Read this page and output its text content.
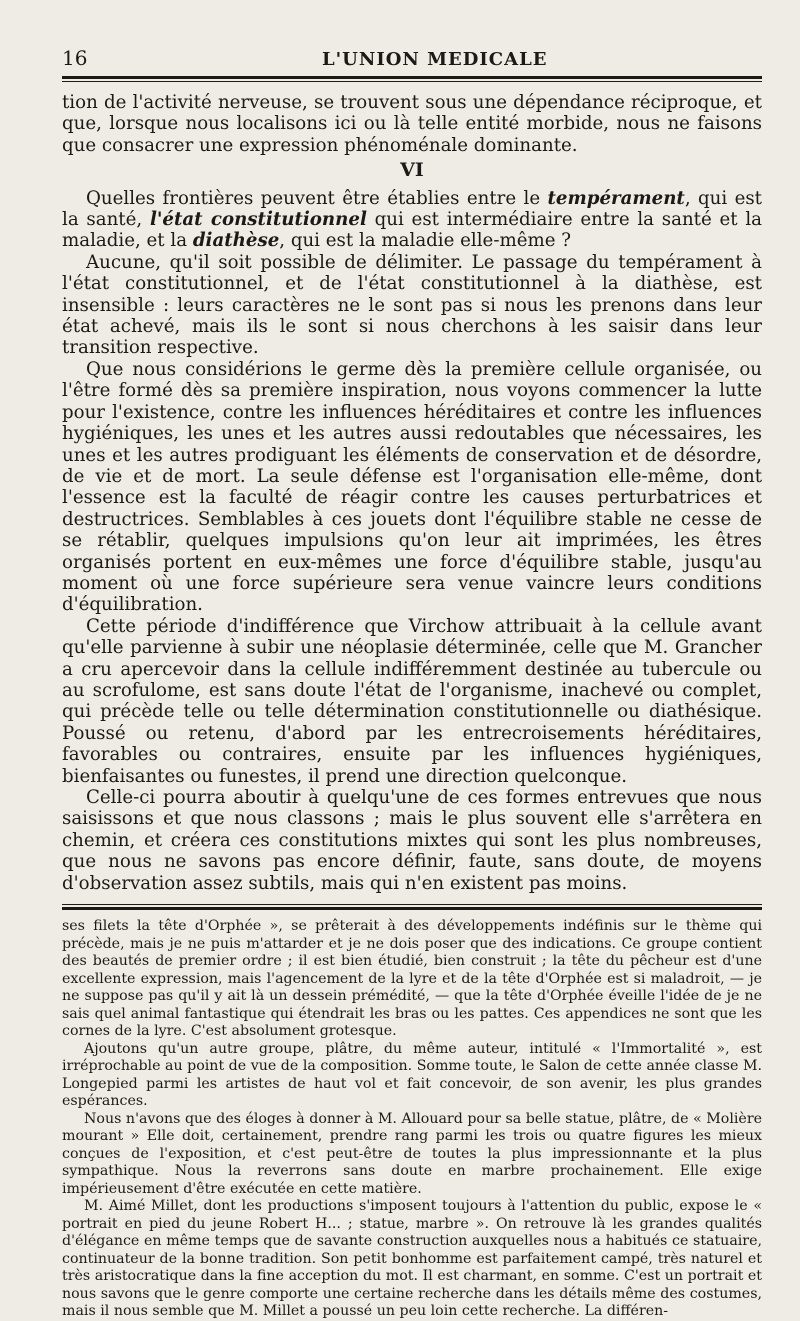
16	L'UNION MEDICALE

tion de l'activité nerveuse, se trouvent sous une dépendance réciproque, et que, lorsque nous localisons ici ou là telle entité morbide, nous ne faisons que consacrer une expression phénoménale dominante.

VI

Quelles frontières peuvent être établies entre le tempérament, qui est la santé, l'état constitutionnel qui est intermédiaire entre la santé et la maladie, et la diathèse, qui est la maladie elle-même ?

Aucune, qu'il soit possible de délimiter. Le passage du tempérament à l'état constitutionnel, et de l'état constitutionnel à la diathèse, est insensible : leurs caractères ne le sont pas si nous les prenons dans leur état achevé, mais ils le sont si nous cherchons à les saisir dans leur transition respective.

Que nous considérions le germe dès la première cellule organisée, ou l'être formé dès sa première inspiration, nous voyons commencer la lutte pour l'existence, contre les influences héréditaires et contre les influences hygiéniques, les unes et les autres aussi redoutables que nécessaires, les unes et les autres prodiguant les éléments de conservation et de désordre, de vie et de mort. La seule défense est l'organisation elle-même, dont l'essence est la faculté de réagir contre les causes perturbatrices et destructrices. Semblables à ces jouets dont l'équilibre stable ne cesse de se rétablir, quelques impulsions qu'on leur ait imprimées, les êtres organisés portent en eux-mêmes une force d'équilibre stable, jusqu'au moment où une force supérieure sera venue vaincre leurs conditions d'équilibration.

Cette période d'indifférence que Virchow attribuait à la cellule avant qu'elle parvienne à subir une néoplasie déterminée, celle que M. Grancher a cru apercevoir dans la cellule indifféremment destinée au tubercule ou au scrofulome, est sans doute l'état de l'organisme, inachevé ou complet, qui précède telle ou telle détermination constitutionnelle ou diathésique. Poussé ou retenu, d'abord par les entrecroisements héréditaires, favorables ou contraires, ensuite par les influences hygiéniques, bienfaisantes ou funestes, il prend une direction quelconque.

Celle-ci pourra aboutir à quelqu'une de ces formes entrevues que nous saisissons et que nous classons ; mais le plus souvent elle s'arrêtera en chemin, et créera ces constitutions mixtes qui sont les plus nombreuses, que nous ne savons pas encore définir, faute, sans doute, de moyens d'observation assez subtils, mais qui n'en existent pas moins.

ses filets la tête d'Orphée », se prêterait à des développements indéfinis sur le thème qui précède, mais je ne puis m'attarder et je ne dois poser que des indications. Ce groupe contient des beautés de premier ordre ; il est bien étudié, bien construit ; la tête du pêcheur est d'une excellente expression, mais l'agencement de la lyre et de la tête d'Orphée est si maladroit, — je ne suppose pas qu'il y ait là un dessein prémédité, — que la tête d'Orphée éveille l'idée de je ne sais quel animal fantastique qui étendrait les bras ou les pattes. Ces appendices ne sont que les cornes de la lyre. C'est absolument grotesque.

Ajoutons qu'un autre groupe, plâtre, du même auteur, intitulé « l'Immortalité », est irréprochable au point de vue de la composition. Somme toute, le Salon de cette année classe M. Longepied parmi les artistes de haut vol et fait concevoir, de son avenir, les plus grandes espérances.

Nous n'avons que des éloges à donner à M. Allouard pour sa belle statue, plâtre, de « Molière mourant » Elle doit, certainement, prendre rang parmi les trois ou quatre figures les mieux conçues de l'exposition, et c'est peut-être de toutes la plus impressionnante et la plus sympathique. Nous la reverrons sans doute en marbre prochainement. Elle exige impérieusement d'être exécutée en cette matière.

M. Aimé Millet, dont les productions s'imposent toujours à l'attention du public, expose le « portrait en pied du jeune Robert H... ; statue, marbre ». On retrouve là les grandes qualités d'élégance en même temps que de savante construction auxquelles nous a habitués ce statuaire, continuateur de la bonne tradition. Son petit bonhomme est parfaitement campé, très naturel et très aristocratique dans la fine acception du mot. Il est charmant, en somme. C'est un portrait et nous savons que le genre comporte une certaine recherche dans les détails même des costumes, mais il nous semble que M. Millet a poussé un peu loin cette recherche. La différen-
